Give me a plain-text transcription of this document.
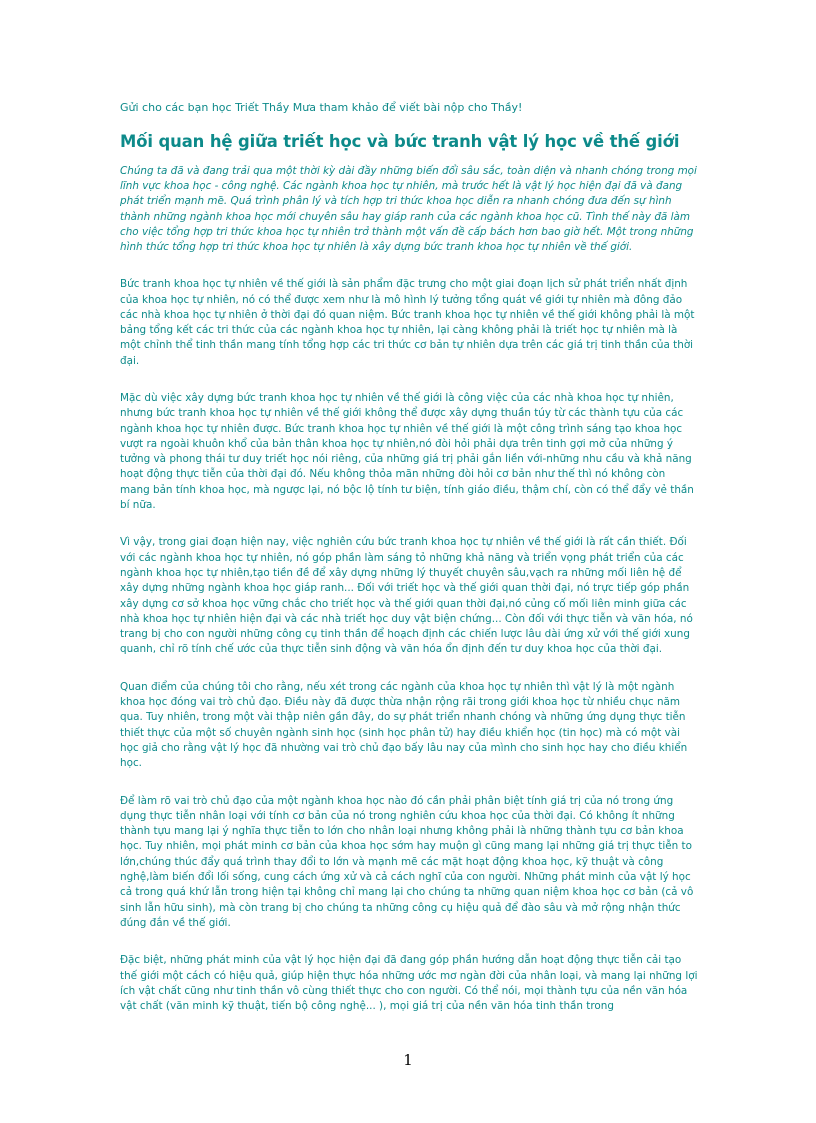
Gửi cho các bạn học Triết Thầy Mưa tham khảo để viết bài nộp cho Thầy!

Mối quan hệ giữa triết học và bức tranh vật lý học về thế giới

Chúng ta đã và đang trải qua một thời kỳ dài đầy những biến đổi sâu sắc, toàn diện và nhanh chóng trong mọi lĩnh vực khoa học - công nghệ. Các ngành khoa học tự nhiên, mà trước hết là vật lý học hiện đại đã và đang phát triển mạnh mẽ. Quá trình phân lý và tích hợp tri thức khoa học diễn ra nhanh chóng đưa đến sự hình thành những ngành khoa học mới chuyên sâu hay giáp ranh của các ngành khoa học cũ. Tình thế này đã làm cho việc tổng hợp tri thức khoa học tự nhiên trở thành một vấn đề cấp bách hơn bao giờ hết. Một trong những hình thức tổng hợp tri thức khoa học tự nhiên là xây dựng bức tranh khoa học tự nhiên về thế giới.

Bức tranh khoa học tự nhiên về thế giới là sản phẩm đặc trưng cho một giai đoạn lịch sử phát triển nhất định của khoa học tự nhiên, nó có thể được xem như là mô hình lý tưởng tổng quát về giới tự nhiên mà đông đảo các nhà khoa học tự nhiên ở thời đại đó quan niệm. Bức tranh khoa học tự nhiên về thế giới không phải là một bảng tổng kết các tri thức của các ngành khoa học tự nhiên, lại càng không phải là triết học tự nhiên mà là một chỉnh thể tinh thần mang tính tổng hợp các tri thức cơ bản tự nhiên dựa trên các giá trị tinh thần của thời đại.

Mặc dù việc xây dựng bức tranh khoa học tự nhiên về thế giới là công việc của các nhà khoa học tự nhiên, nhưng bức tranh khoa học tự nhiên về thế giới không thể được xây dựng thuần túy từ các thành tựu của các ngành khoa học tự nhiên được. Bức tranh khoa học tự nhiên về thế giới là một công trình sáng tạo khoa học vượt ra ngoài khuôn khổ của bản thân khoa học tự nhiên,nó đòi hỏi phải dựa trên tinh gợi mở của những ý tưởng và phong thái tư duy triết học nói riêng, của những giá trị phải gắn liền với-những nhu cầu và khả năng hoạt động thực tiễn của thời đại đó. Nếu không thỏa mãn những đòi hỏi cơ bản như thế thì nó không còn mang bản tính khoa học, mà ngược lại, nó bộc lộ tính tư biện, tính giáo điều, thậm chí, còn có thể đẩy vẻ thần bí nữa.

Vì vậy, trong giai đoạn hiện nay, việc nghiên cứu bức tranh khoa học tự nhiên về thế giới là rất cần thiết. Đối với các ngành khoa học tự nhiên, nó góp phần làm sáng tỏ những khả năng và triển vọng phát triển của các ngành khoa học tự nhiên,tạo tiền đề để xây dựng những lý thuyết chuyên sâu,vạch ra những mối liên hệ để xây dựng những ngành khoa học giáp ranh... Đối với triết học và thế giới quan thời đại, nó trực tiếp góp phần xây dựng cơ sở khoa học vững chắc cho triết học và thế giới quan thời đại,nó củng cố mối liên minh giữa các nhà khoa học tự nhiên hiện đại và các nhà triết học duy vật biện chứng... Còn đối với thực tiễn và văn hóa, nó trang bị cho con người những công cụ tinh thần để hoạch định các chiến lược lâu dài ứng xử với thế giới xung quanh, chỉ rõ tính chế ước của thực tiễn sinh động và văn hóa ổn định đến tư duy khoa học của thời đại.

Quan điểm của chúng tôi cho rằng, nếu xét trong các ngành của khoa học tự nhiên thì vật lý là một ngành khoa học đóng vai trò chủ đạo. Điều này đã được thừa nhận rộng rãi trong giới khoa học từ nhiều chục năm qua. Tuy nhiên, trong một vài thập niên gần đây, do sự phát triển nhanh chóng và những ứng dụng thực tiễn thiết thực của một số chuyên ngành sinh học (sinh học phân tử) hay điều khiển học (tin học) mà có một vài học giả cho rằng vật lý học đã nhường vai trò chủ đạo bấy lâu nay của mình cho sinh học hay cho điều khiển học.

Để làm rõ vai trò chủ đạo của một ngành khoa học nào đó cần phải phân biệt tính giá trị của nó trong ứng dụng thực tiễn nhân loại với tính cơ bản của nó trong nghiên cứu khoa học của thời đại. Có không ít những thành tựu mang lại ý nghĩa thực tiễn to lớn cho nhân loại nhưng không phải là những thành tựu cơ bản khoa học. Tuy nhiên, mọi phát minh cơ bản của khoa học sớm hay muộn gì cũng mang lại những giá trị thực tiễn to lớn,chúng thúc đẩy quá trình thay đổi to lớn và mạnh mẽ các mặt hoạt động khoa học, kỹ thuật và công nghệ,làm biến đổi lối sống, cung cách ứng xử và cả cách nghĩ của con người. Những phát minh của vật lý học cả trong quá khứ lẫn trong hiện tại không chỉ mang lại cho chúng ta những quan niệm khoa học cơ bản (cả vô sinh lẫn hữu sinh), mà còn trang bị cho chúng ta những công cụ hiệu quả để đào sâu và mở rộng nhận thức đúng đắn về thế giới.

Đặc biệt, những phát minh của vật lý học hiện đại đã đang góp phần hướng dẫn hoạt động thực tiễn cải tạo thế giới một cách có hiệu quả, giúp hiện thực hóa những ước mơ ngàn đời của nhân loại, và mang lại những lợi ích vật chất cũng như tinh thần vô cùng thiết thực cho con người. Có thể nói, mọi thành tựu của nền văn hóa vật chất (văn minh kỹ thuật, tiến bộ công nghệ... ), mọi giá trị của nền văn hóa tinh thần trong

1
